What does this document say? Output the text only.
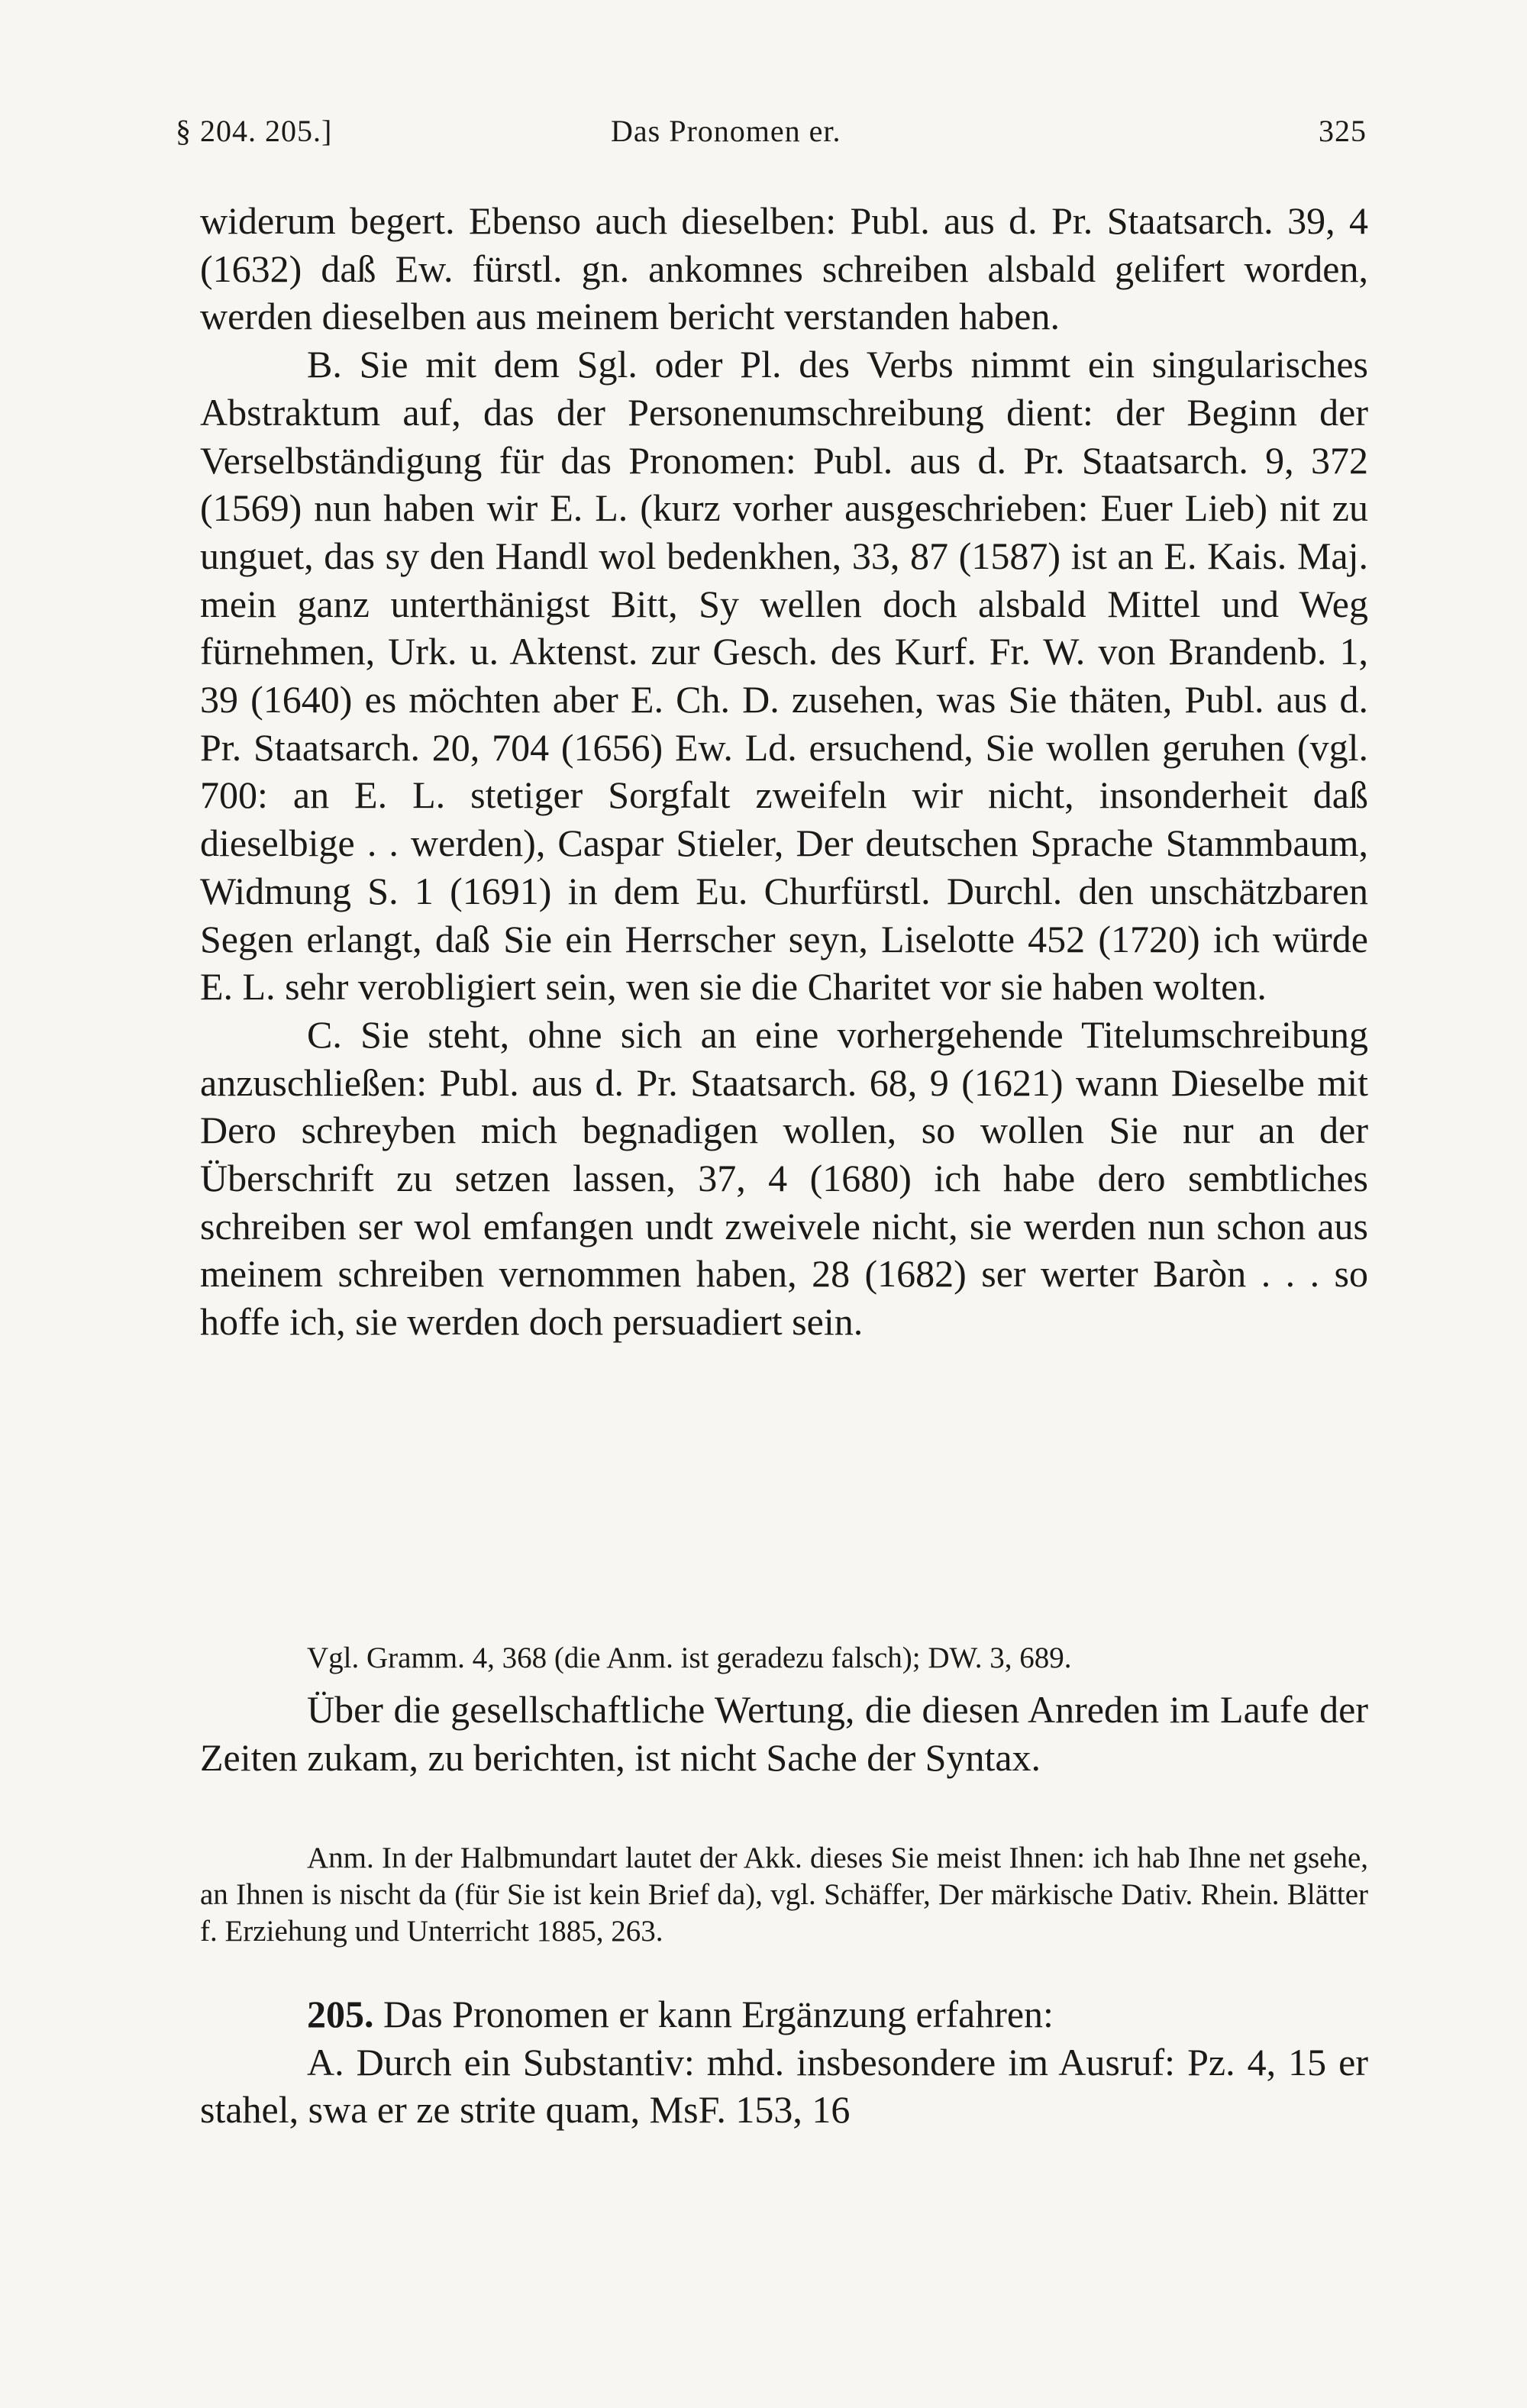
§ 204. 205.]	Das Pronomen er.	325

widerum begert. Ebenso auch dieselben: Publ. aus d. Pr. Staatsarch. 39, 4 (1632) daß Ew. fürstl. gn. ankomnes schreiben alsbald gelifert worden, werden dieselben aus meinem bericht verstanden haben.

B. Sie mit dem Sgl. oder Pl. des Verbs nimmt ein singularisches Abstraktum auf, das der Personenumschreibung dient: der Beginn der Verselbständigung für das Pronomen: Publ. aus d. Pr. Staatsarch. 9, 372 (1569) nun haben wir E. L. (kurz vorher ausgeschrieben: Euer Lieb) nit zu unguet, das sy den Handl wol bedenkhen, 33, 87 (1587) ist an E. Kais. Maj. mein ganz unterthänigst Bitt, Sy wellen doch alsbald Mittel und Weg fürnehmen, Urk. u. Aktenst. zur Gesch. des Kurf. Fr. W. von Brandenb. 1, 39 (1640) es möchten aber E. Ch. D. zusehen, was Sie thäten, Publ. aus d. Pr. Staatsarch. 20, 704 (1656) Ew. Ld. ersuchend, Sie wollen geruhen (vgl. 700: an E. L. stetiger Sorgfalt zweifeln wir nicht, insonderheit daß dieselbige . . werden), Caspar Stieler, Der deutschen Sprache Stammbaum, Widmung S. 1 (1691) in dem Eu. Churfürstl. Durchl. den unschätzbaren Segen erlangt, daß Sie ein Herrscher seyn, Liselotte 452 (1720) ich würde E. L. sehr verobligiert sein, wen sie die Charitet vor sie haben wolten.

C. Sie steht, ohne sich an eine vorhergehende Titelumschreibung anzuschließen: Publ. aus d. Pr. Staatsarch. 68, 9 (1621) wann Dieselbe mit Dero schreyben mich begnadigen wollen, so wollen Sie nur an der Überschrift zu setzen lassen, 37, 4 (1680) ich habe dero sembtliches schreiben ser wol emfangen undt zweivele nicht, sie werden nun schon aus meinem schreiben vernommen haben, 28 (1682) ser werter Baròn . . . so hoffe ich, sie werden doch persuadiert sein.

Vgl. Gramm. 4, 368 (die Anm. ist geradezu falsch); DW. 3, 689.

Über die gesellschaftliche Wertung, die diesen Anreden im Laufe der Zeiten zukam, zu berichten, ist nicht Sache der Syntax.

Anm. In der Halbmundart lautet der Akk. dieses Sie meist Ihnen: ich hab Ihne net gsehe, an Ihnen is nischt da (für Sie ist kein Brief da), vgl. Schäffer, Der märkische Dativ. Rhein. Blätter f. Erziehung und Unterricht 1885, 263.

205. Das Pronomen er kann Ergänzung erfahren:

A. Durch ein Substantiv: mhd. insbesondere im Ausruf: Pz. 4, 15 er stahel, swa er ze strite quam, MsF. 153, 16
